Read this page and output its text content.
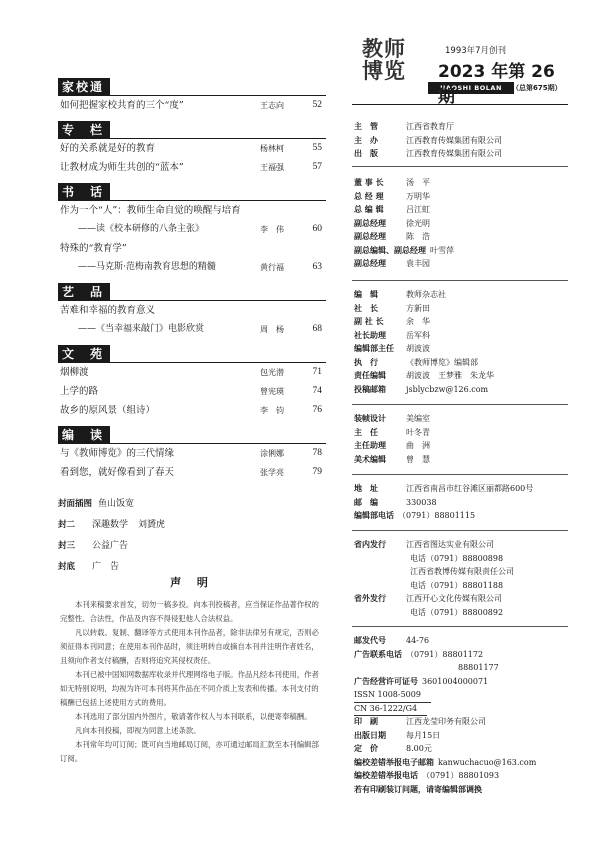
家校通
如何把握家校共育的三个“度”	王志向	52
专　栏
好的关系就是好的教育	杨林柯	55
让教材成为师生共创的“蓝本”	王福强	57
书　话
作为一个“人”：教师生命自觉的唤醒与培育
——读《校本研修的八条主张》	李　伟	60
特殊的“教育学”
——马克斯·范梅南教育思想的精髓	黄行福	63
艺　品
苦难和幸福的教育意义
——《当幸福来敲门》电影欣赏	周　杨	68
文　苑
烟柳渡	包光潜	71
上学的路	曾宪瑛	74
故乡的原风景（组诗）	李　钧	76
编　读
与《教师博览》的三代情缘	涂俐娜	78
看到您，就好像看到了春天	张学亮	79
封面插图 鱼山饭宽
封二 深趣数学 刘贇虎
封三 公益广告
封底 广　告
声 明

本刊来稿要求首发，切勿一稿多投。向本刊投稿者，应当保证作品著作权的完整性、合法性，作品及内容不得侵犯他人合法权益。

凡以转载、复制、翻译等方式使用本刊作品者，除非法律另有规定，否则必须征得本刊同意；在使用本刊作品时，须注明转自或摘自本刊并注明作者姓名，且须向作者支付稿酬，否则将追究其侵权责任。

本刊已被中国知网数据库收录并代理网络电子版。作品凡经本刊使用，作者如无特别说明，均视为许可本刊将其作品在不同介质上发表和传播。本刊支付的稿酬已包括上述使用方式的费用。

本刊选用了部分国内外图片，敬请著作权人与本刊联系，以便寄奉稿酬。

凡向本刊投稿，即视为同意上述条款。

本刊常年均可订阅；既可向当地邮局订阅，亦可通过邮局汇款至本刊编辑部订阅。

教师博览
JIAOSHI BOLAN
1993年7月创刊
2023 年第 26 期	（总第675期）
主　管	江西省教育厅
主　办	江西教育传媒集团有限公司
出　版	江西教育传媒集团有限公司
董 事 长	汤　平
总 经 理	万明华
总 编 辑	吕江虹
副总经理	徐光明
副总经理	陈　浩
副总编辑、副总经理 叶雪萍
副总经理	袁丰园
编　辑	教师杂志社
社　长	方新田
副 社 长	余　华
社长助理	岳军科
编辑部主任 胡波波
执　行	《教师博览》编辑部
责任编辑	胡波波　王梦雅　朱龙华
投稿邮箱	jsblycbzw@126.com
装帧设计	美编室
主　任	叶冬青
主任助理	曲　洲
美术编辑	曾　慧
地　址	江西省南昌市红谷滩区丽都路600号
邮　编	330038
编辑部电话 （0791）88801115
省内发行	江西省图达实业有限公司
电话（0791）88800898
江西省教博传媒有限责任公司
电话（0791）88801188
省外发行	江西开心文化传媒有限公司
电话（0791）88800892
邮发代号	44-76
广告联系电话 （0791）88801172
88801177
广告经营许可证号 3601004000071
ISSN 1008-5009
CN 36-1222/G4
印　刷	江西龙莹印务有限公司
出版日期	每月15日
定　价	8.00元
编校差错举报电子邮箱 kanwuchacuo@163.com
编校差错举报电话 （0791）88801093
若有印刷装订问题，请寄编辑部调换
